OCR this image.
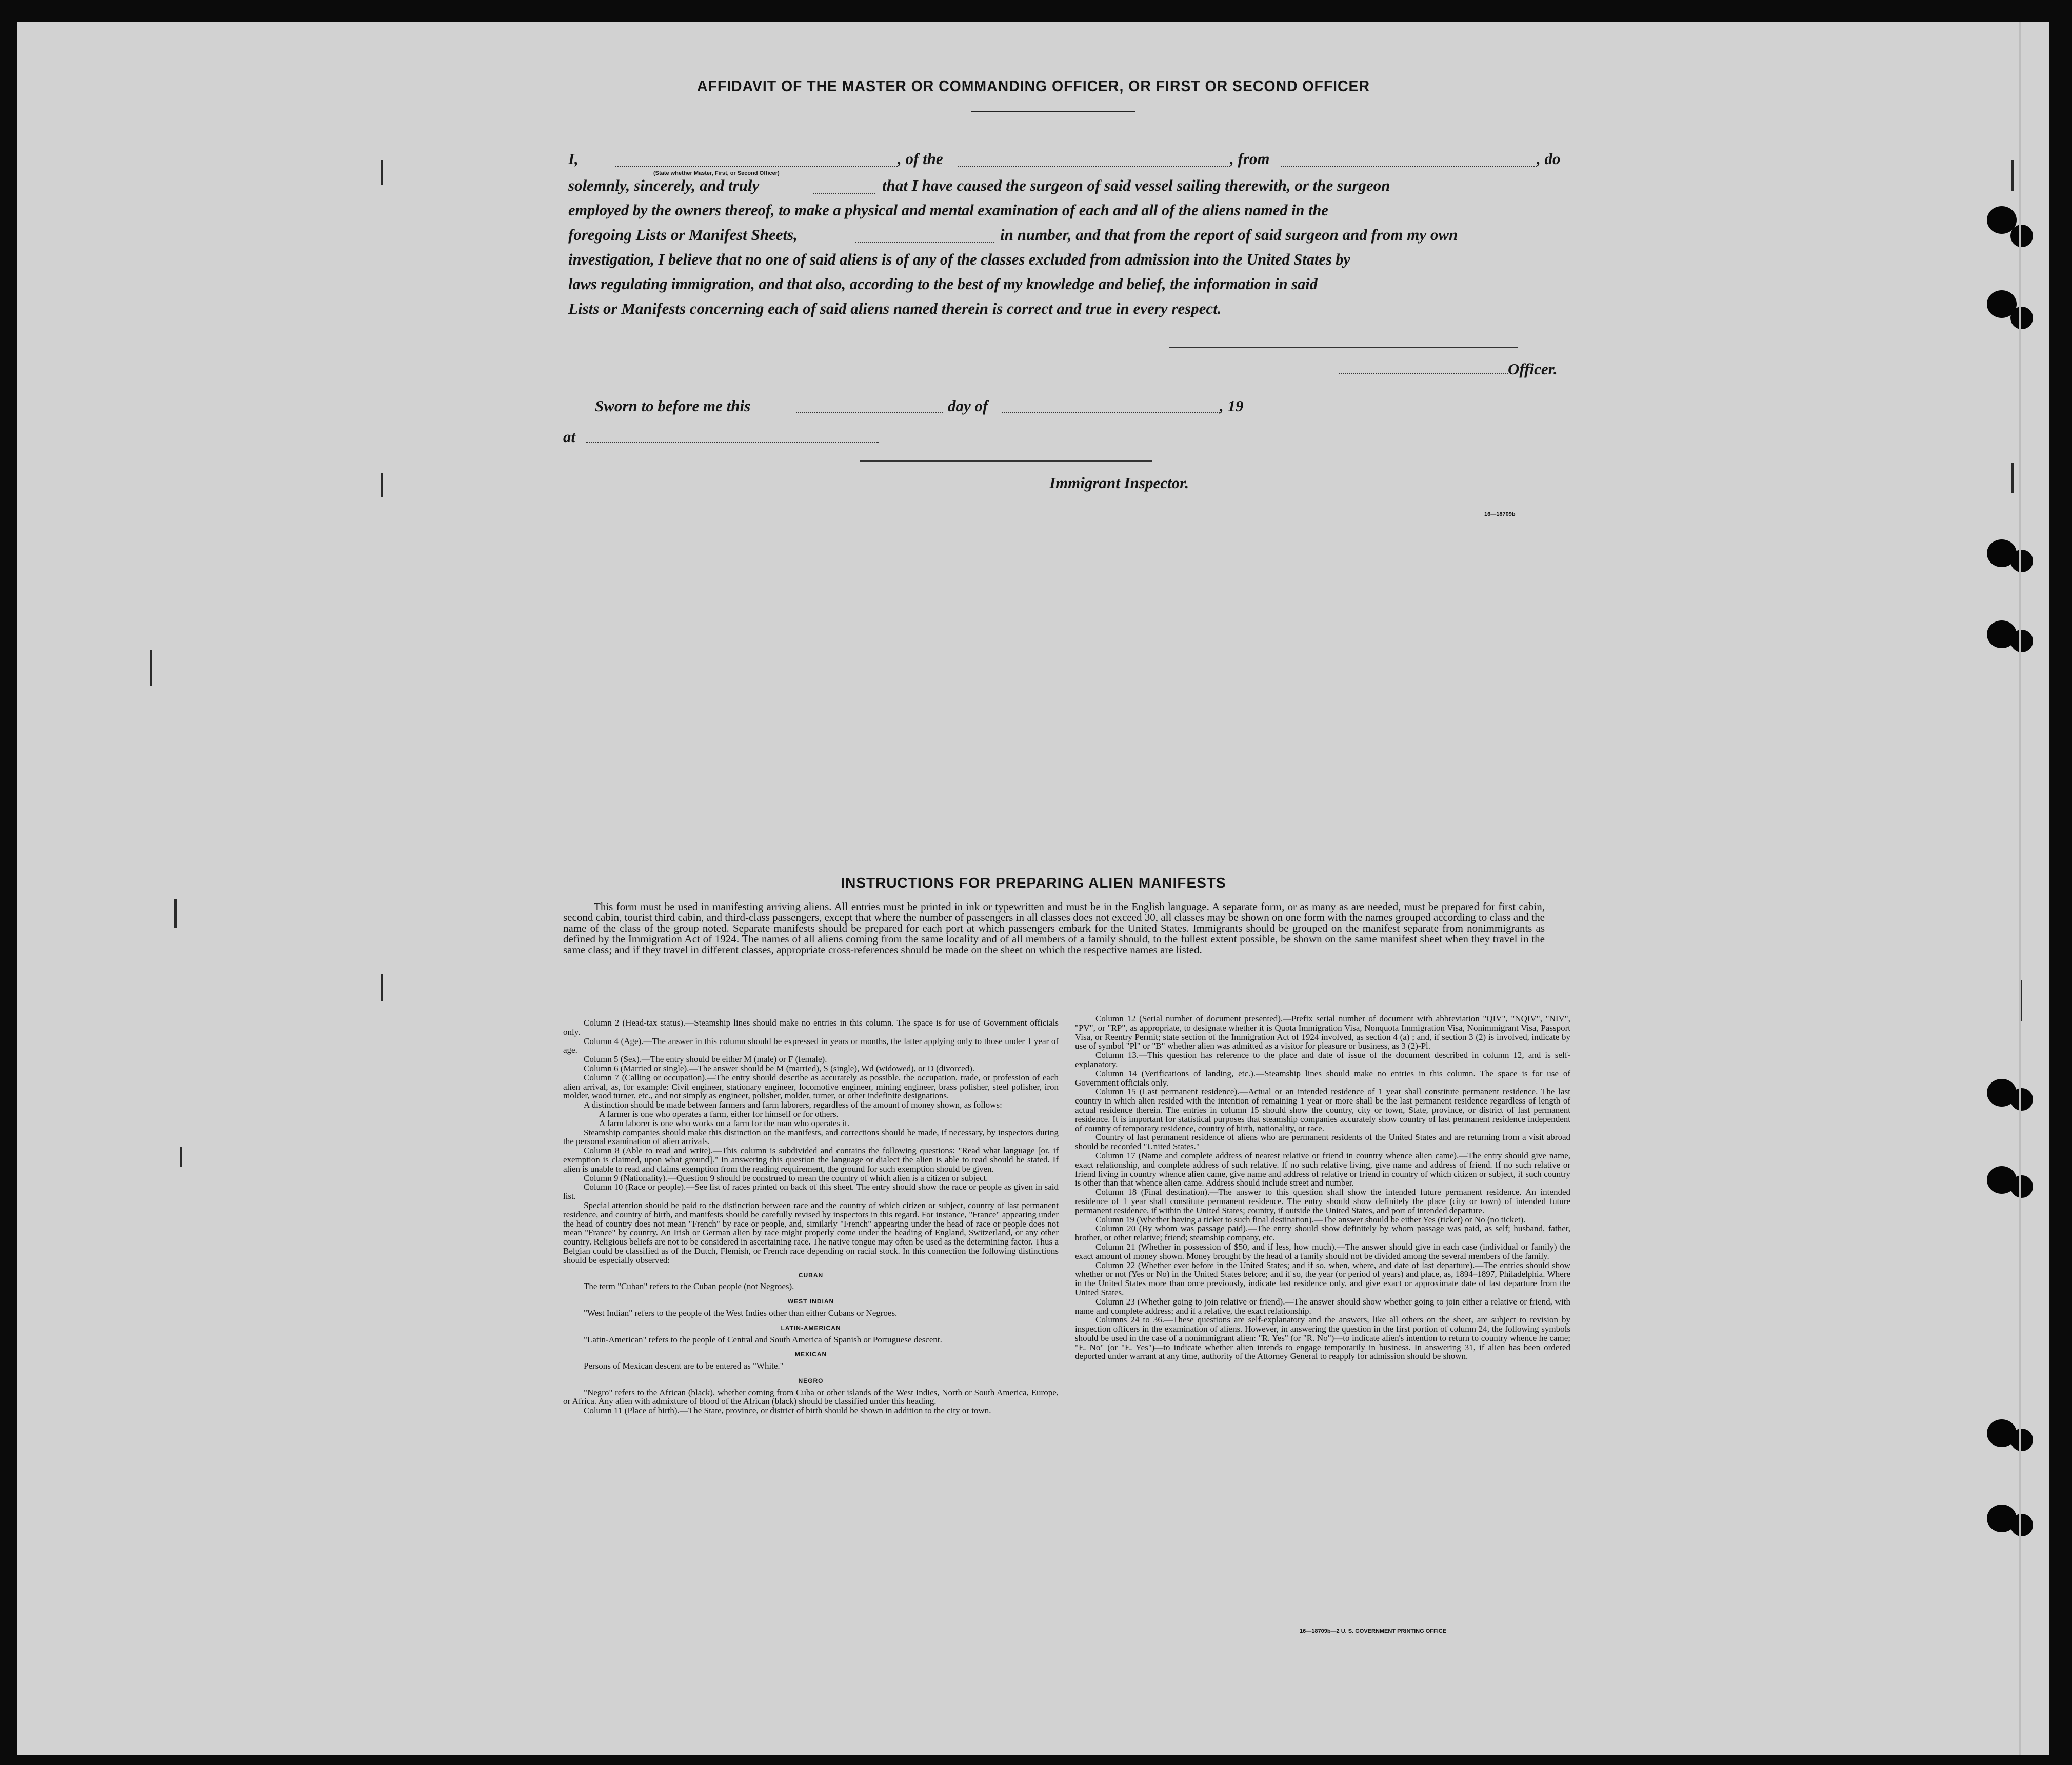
AFFIDAVIT OF THE MASTER OR COMMANDING OFFICER, OR FIRST OR SECOND OFFICER
I,
(State whether Master, First, or Second Officer)
, of the	, from	, do
solemnly, sincerely, and truly	that I have caused the surgeon of said vessel sailing therewith, or the surgeon
employed by the owners thereof, to make a physical and mental examination of each and all of the aliens named in the
foregoing Lists or Manifest Sheets,	in number, and that from the report of said surgeon and from my own
investigation, I believe that no one of said aliens is of any of the classes excluded from admission into the United States by
laws regulating immigration, and that also, according to the best of my knowledge and belief, the information in said
Lists or Manifests concerning each of said aliens named therein is correct and true in every respect.
Officer.
Sworn to before me this	day of	, 19
at
Immigrant Inspector.
16—18709b
INSTRUCTIONS FOR PREPARING ALIEN MANIFESTS
This form must be used in manifesting arriving aliens. All entries must be printed in ink or typewritten and must be in the English language. A separate form, or as many as are needed, must be prepared for first cabin, second cabin, tourist third cabin, and third-class passengers, except that where the number of passengers in all classes does not exceed 30, all classes may be shown on one form with the names grouped according to class and the name of the class of the group noted. Separate manifests should be prepared for each port at which passengers embark for the United States. Immigrants should be grouped on the manifest separate from nonimmigrants as defined by the Immigration Act of 1924. The names of all aliens coming from the same locality and of all members of a family should, to the fullest extent possible, be shown on the same manifest sheet when they travel in the same class; and if they travel in different classes, appropriate cross-references should be made on the sheet on which the respective names are listed.

Column 2 (Head-tax status).—Steamship lines should make no entries in this column. The space is for use of Government officials only.

Column 4 (Age).—The answer in this column should be expressed in years or months, the latter applying only to those under 1 year of age.

Column 5 (Sex).—The entry should be either M (male) or F (female).

Column 6 (Married or single).—The answer should be M (married), S (single), Wd (widowed), or D (divorced).

Column 7 (Calling or occupation).—The entry should describe as accurately as possible, the occupation, trade, or profession of each alien arrival, as, for example: Civil engineer, stationary engineer, locomotive engineer, mining engineer, brass polisher, steel polisher, iron molder, wood turner, etc., and not simply as engineer, polisher, molder, turner, or other indefinite designations.

A distinction should be made between farmers and farm laborers, regardless of the amount of money shown, as follows:

A farmer is one who operates a farm, either for himself or for others.

A farm laborer is one who works on a farm for the man who operates it.

Steamship companies should make this distinction on the manifests, and corrections should be made, if necessary, by inspectors during the personal examination of alien arrivals.

Column 8 (Able to read and write).—This column is subdivided and contains the following questions: "Read what language [or, if exemption is claimed, upon what ground]." In answering this question the language or dialect the alien is able to read should be stated. If alien is unable to read and claims exemption from the reading requirement, the ground for such exemption should be given.

Column 9 (Nationality).—Question 9 should be construed to mean the country of which alien is a citizen or subject.

Column 10 (Race or people).—See list of races printed on back of this sheet. The entry should show the race or people as given in said list.

Special attention should be paid to the distinction between race and the country of which citizen or subject, country of last permanent residence, and country of birth, and manifests should be carefully revised by inspectors in this regard. For instance, "France" appearing under the head of country does not mean "French" by race or people, and, similarly "French" appearing under the head of race or people does not mean "France" by country. An Irish or German alien by race might properly come under the heading of England, Switzerland, or any other country. Religious beliefs are not to be considered in ascertaining race. The native tongue may often be used as the determining factor. Thus a Belgian could be classified as of the Dutch, Flemish, or French race depending on racial stock. In this connection the following distinctions should be especially observed:

CUBAN

The term "Cuban" refers to the Cuban people (not Negroes).

WEST INDIAN

"West Indian" refers to the people of the West Indies other than either Cubans or Negroes.

LATIN-AMERICAN

"Latin-American" refers to the people of Central and South America of Spanish or Portuguese descent.

MEXICAN

Persons of Mexican descent are to be entered as "White."

NEGRO

"Negro" refers to the African (black), whether coming from Cuba or other islands of the West Indies, North or South America, Europe, or Africa. Any alien with admixture of blood of the African (black) should be classified under this heading.

Column 11 (Place of birth).—The State, province, or district of birth should be shown in addition to the city or town.

Column 12 (Serial number of document presented).—Prefix serial number of document with abbreviation "QIV", "NQIV", "NIV", "PV", or "RP", as appropriate, to designate whether it is Quota Immigration Visa, Nonquota Immigration Visa, Nonimmigrant Visa, Passport Visa, or Reentry Permit; state section of the Immigration Act of 1924 involved, as section 4 (a) ; and, if section 3 (2) is involved, indicate by use of symbol "Pl" or "B" whether alien was admitted as a visitor for pleasure or business, as 3 (2)-Pl.

Column 13.—This question has reference to the place and date of issue of the document described in column 12, and is self-explanatory.

Column 14 (Verifications of landing, etc.).—Steamship lines should make no entries in this column. The space is for use of Government officials only.

Column 15 (Last permanent residence).—Actual or an intended residence of 1 year shall constitute permanent residence. The last country in which alien resided with the intention of remaining 1 year or more shall be the last permanent residence regardless of length of actual residence therein. The entries in column 15 should show the country, city or town, State, province, or district of last permanent residence. It is important for statistical purposes that steamship companies accurately show country of last permanent residence independent of country of temporary residence, country of birth, nationality, or race.

Country of last permanent residence of aliens who are permanent residents of the United States and are returning from a visit abroad should be recorded "United States."

Column 17 (Name and complete address of nearest relative or friend in country whence alien came).—The entry should give name, exact relationship, and complete address of such relative. If no such relative living, give name and address of friend. If no such relative or friend living in country whence alien came, give name and address of relative or friend in country of which citizen or subject, if such country is other than that whence alien came. Address should include street and number.

Column 18 (Final destination).—The answer to this question shall show the intended future permanent residence. An intended residence of 1 year shall constitute permanent residence. The entry should show definitely the place (city or town) of intended future permanent residence, if within the United States; country, if outside the United States, and port of intended departure.

Column 19 (Whether having a ticket to such final destination).—The answer should be either Yes (ticket) or No (no ticket).

Column 20 (By whom was passage paid).—The entry should show definitely by whom passage was paid, as self; husband, father, brother, or other relative; friend; steamship company, etc.

Column 21 (Whether in possession of $50, and if less, how much).—The answer should give in each case (individual or family) the exact amount of money shown. Money brought by the head of a family should not be divided among the several members of the family.

Column 22 (Whether ever before in the United States; and if so, when, where, and date of last departure).—The entries should show whether or not (Yes or No) in the United States before; and if so, the year (or period of years) and place, as, 1894–1897, Philadelphia. Where in the United States more than once previously, indicate last residence only, and give exact or approximate date of last departure from the United States.

Column 23 (Whether going to join relative or friend).—The answer should show whether going to join either a relative or friend, with name and complete address; and if a relative, the exact relationship.

Columns 24 to 36.—These questions are self-explanatory and the answers, like all others on the sheet, are subject to revision by inspection officers in the examination of aliens. However, in answering the question in the first portion of column 24, the following symbols should be used in the case of a nonimmigrant alien: "R. Yes" (or "R. No")—to indicate alien's intention to return to country whence he came; "E. No" (or "E. Yes")—to indicate whether alien intends to engage temporarily in business. In answering 31, if alien has been ordered deported under warrant at any time, authority of the Attorney General to reapply for admission should be shown.

16—18709b—2 U. S. GOVERNMENT PRINTING OFFICE
